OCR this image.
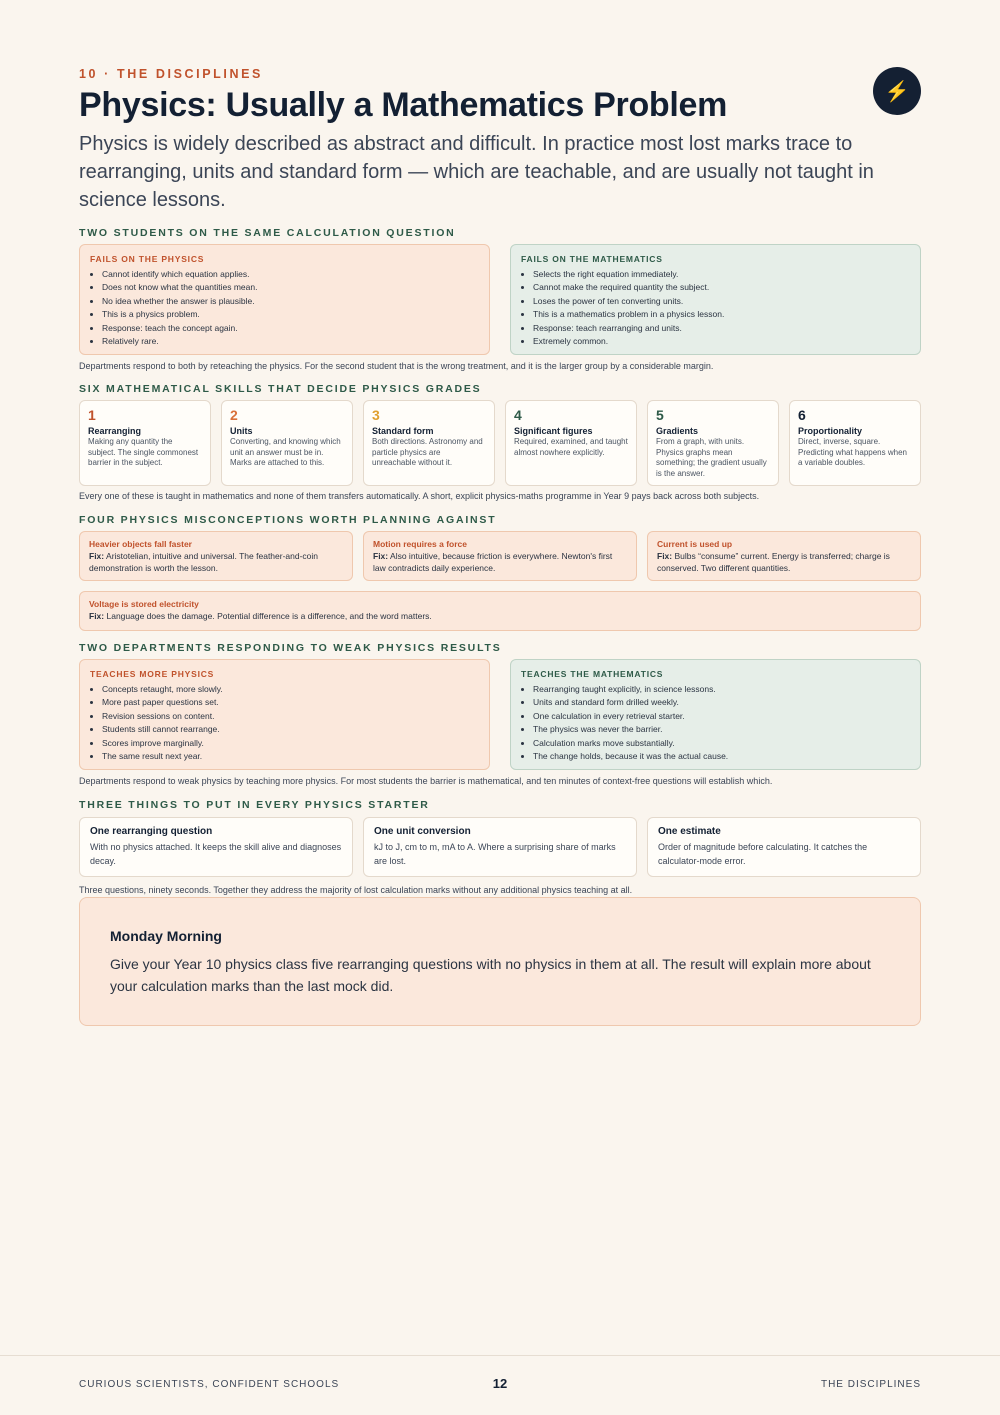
10 · THE DISCIPLINES
Physics: Usually a Mathematics Problem	⚡

Physics is widely described as abstract and difficult. In practice most lost marks trace to rearranging, units and standard form — which are teachable, and are usually not taught in science lessons.

TWO STUDENTS ON THE SAME CALCULATION QUESTION
FAILS ON THE PHYSICS
• Cannot identify which equation applies.
• Does not know what the quantities mean.
• No idea whether the answer is plausible.
• This is a physics problem.
• Response: teach the concept again.
• Relatively rare.
FAILS ON THE MATHEMATICS
• Selects the right equation immediately.
• Cannot make the required quantity the subject.
• Loses the power of ten converting units.
• This is a mathematics problem in a physics lesson.
• Response: teach rearranging and units.
• Extremely common.
Departments respond to both by reteaching the physics. For the second student that is the wrong treatment, and it is the larger group by a considerable margin.
SIX MATHEMATICAL SKILLS THAT DECIDE PHYSICS GRADES
1
Rearranging
Making any quantity the subject. The single commonest barrier in the subject.
2
Units
Converting, and knowing which unit an answer must be in. Marks are attached to this.
3
Standard form
Both directions. Astronomy and particle physics are unreachable without it.
4
Significant figures
Required, examined, and taught almost nowhere explicitly.
5
Gradients
From a graph, with units. Physics graphs mean something; the gradient usually is the answer.
6
Proportionality
Direct, inverse, square. Predicting what happens when a variable doubles.
Every one of these is taught in mathematics and none of them transfers automatically. A short, explicit physics-maths programme in Year 9 pays back across both subjects.
FOUR PHYSICS MISCONCEPTIONS WORTH PLANNING AGAINST
Heavier objects fall faster
Fix: Aristotelian, intuitive and universal. The feather-and-coin demonstration is worth the lesson.
Motion requires a force
Fix: Also intuitive, because friction is everywhere. Newton's first law contradicts daily experience.
Current is used up
Fix: Bulbs “consume” current. Energy is transferred; charge is conserved. Two different quantities.
Voltage is stored electricity
Fix: Language does the damage. Potential difference is a difference, and the word matters.
TWO DEPARTMENTS RESPONDING TO WEAK PHYSICS RESULTS
TEACHES MORE PHYSICS
• Concepts retaught, more slowly.
• More past paper questions set.
• Revision sessions on content.
• Students still cannot rearrange.
• Scores improve marginally.
• The same result next year.
TEACHES THE MATHEMATICS
• Rearranging taught explicitly, in science lessons.
• Units and standard form drilled weekly.
• One calculation in every retrieval starter.
• The physics was never the barrier.
• Calculation marks move substantially.
• The change holds, because it was the actual cause.
Departments respond to weak physics by teaching more physics. For most students the barrier is mathematical, and ten minutes of context-free questions will establish which.
THREE THINGS TO PUT IN EVERY PHYSICS STARTER
One rearranging question
With no physics attached. It keeps the skill alive and diagnoses decay.
One unit conversion
kJ to J, cm to m, mA to A. Where a surprising share of marks are lost.
One estimate
Order of magnitude before calculating. It catches the calculator-mode error.
Three questions, ninety seconds. Together they address the majority of lost calculation marks without any additional physics teaching at all.
Monday Morning
Give your Year 10 physics class five rearranging questions with no physics in them at all. The result will explain more about your calculation marks than the last mock did.
CURIOUS SCIENTISTS, CONFIDENT SCHOOLS	12	THE DISCIPLINES
